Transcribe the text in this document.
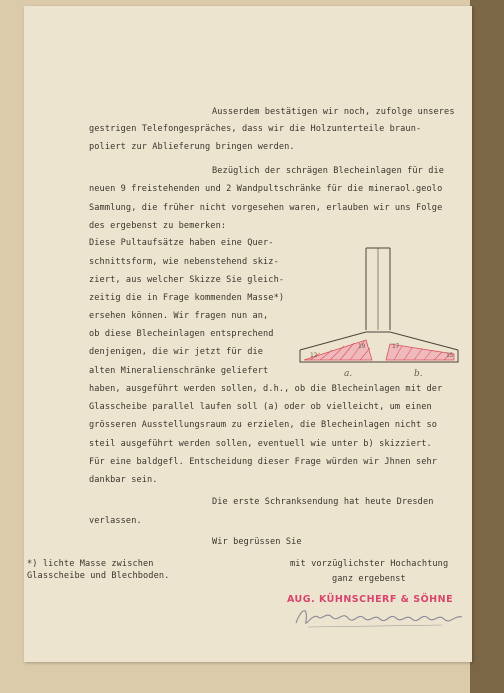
Ausserdem bestätigen wir noch, zufolge unseres
gestrigen Telefongespräches, dass wir die Holzunterteile braun-
poliert zur Ablieferung bringen werden.
Bezüglich der schrägen Blecheinlagen für die
neuen 9 freistehenden und 2 Wandpultschränke für die mineraol.geolo
Sammlung, die früher nicht vorgesehen waren, erlauben wir uns Folge
des ergebenst zu bemerken:
Diese Pultaufsätze haben eine Quer-
schnittsform, wie nebenstehend skiz-
ziert, aus welcher Skizze Sie gleich-
zeitig die in Frage kommenden Masse*)
ersehen können. Wir fragen nun an,
ob diese Blecheinlagen entsprechend
denjenigen, die wir jetzt für die
alten Mineralienschränke geliefert
haben, ausgeführt werden sollen, d.h., ob die Blecheinlagen mit der
Glasscheibe parallel laufen soll (a) oder ob vielleicht, um einen
grösseren Ausstellungsraum zu erzielen, die Blecheinlagen nicht so
steil ausgeführt werden sollen, eventuell wie unter b) skizziert.
Für eine baldgefl. Entscheidung dieser Frage würden wir Jhnen sehr
dankbar sein.
Die erste Schranksendung hat heute Dresden
verlassen.
Wir begrüssen Sie
*) lichte Masse zwischen
Glasscheibe und Blechboden.
mit vorzüglichster Hochachtung
ganz ergebenst
AUG. KÜHNSCHERF & SÖHNE
12
19	17
15
a.	b.
